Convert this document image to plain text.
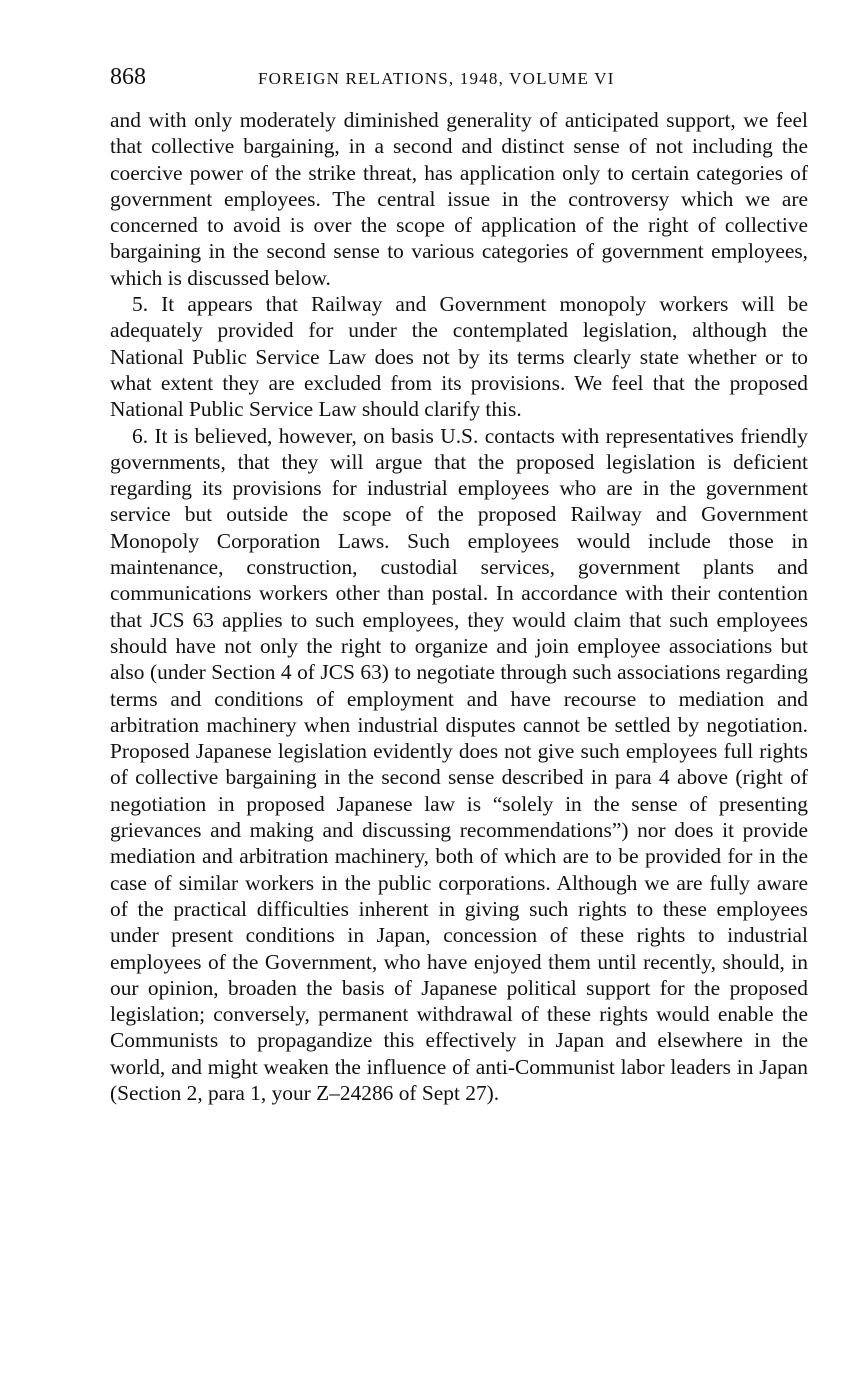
868	FOREIGN RELATIONS, 1948, VOLUME VI

and with only moderately diminished generality of anticipated support, we feel that collective bargaining, in a second and distinct sense of not including the coercive power of the strike threat, has application only to certain categories of government employees. The central issue in the controversy which we are concerned to avoid is over the scope of application of the right of collective bargaining in the second sense to various categories of government employees, which is discussed below.

5. It appears that Railway and Government monopoly workers will be adequately provided for under the contemplated legislation, although the National Public Service Law does not by its terms clearly state whether or to what extent they are excluded from its provisions. We feel that the proposed National Public Service Law should clarify this.

6. It is believed, however, on basis U.S. contacts with representatives friendly governments, that they will argue that the proposed legislation is deficient regarding its provisions for industrial employees who are in the government service but outside the scope of the proposed Railway and Government Monopoly Corporation Laws. Such employees would include those in maintenance, construction, custodial services, government plants and communications workers other than postal. In accordance with their contention that JCS 63 applies to such employees, they would claim that such employees should have not only the right to organize and join employee associations but also (under Section 4 of JCS 63) to negotiate through such associations regarding terms and conditions of employment and have recourse to mediation and arbitration machinery when industrial disputes cannot be settled by negotiation. Proposed Japanese legislation evidently does not give such employees full rights of collective bargaining in the second sense described in para 4 above (right of negotiation in proposed Japanese law is “solely in the sense of presenting grievances and making and discussing recommendations”) nor does it provide mediation and arbitration machinery, both of which are to be provided for in the case of similar workers in the public corporations. Although we are fully aware of the practical difficulties inherent in giving such rights to these employees under present conditions in Japan, concession of these rights to industrial employees of the Government, who have enjoyed them until recently, should, in our opinion, broaden the basis of Japanese political support for the proposed legislation; conversely, permanent withdrawal of these rights would enable the Communists to propagandize this effectively in Japan and elsewhere in the world, and might weaken the influence of anti-Communist labor leaders in Japan (Section 2, para 1, your Z–24286 of Sept 27).
